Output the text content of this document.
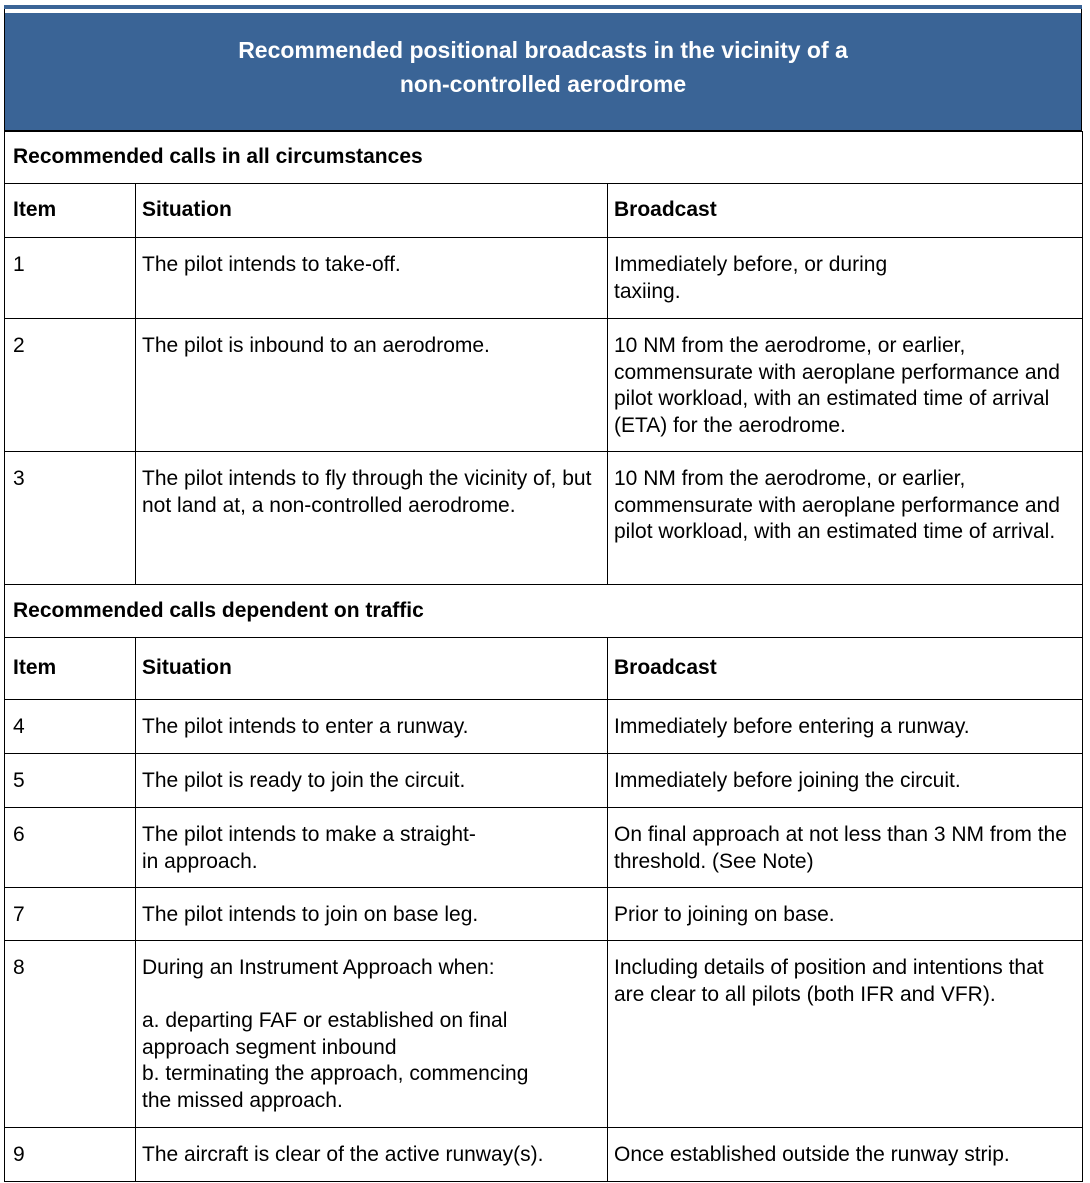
Recommended positional broadcasts in the vicinity of a
non-controlled aerodrome
Recommended calls in all circumstances		
Item	Situation	Broadcast
1	The pilot intends to take-off.	Immediately before, or during taxiing.
2	The pilot is inbound to an aerodrome.	10 NM from the aerodrome, or earlier, commensurate with aeroplane performance and pilot workload, with an estimated time of arrival (ETA) for the aerodrome.
3	The pilot intends to fly through the vicinity of, but not land at, a non-controlled aerodrome.	10 NM from the aerodrome, or earlier, commensurate with aeroplane performance and pilot workload, with an estimated time of arrival.
Recommended calls dependent on traffic		
Item	Situation	Broadcast
4	The pilot intends to enter a runway.	Immediately before entering a runway.
5	The pilot is ready to join the circuit.	Immediately before joining the circuit.
6	The pilot intends to make a straight-in approach.	On final approach at not less than 3 NM from the threshold. (See Note)
7	The pilot intends to join on base leg.	Prior to joining on base.
8	During an Instrument Approach when:
a. departing FAF or established on final approach segment inbound
b. terminating the approach, commencing the missed approach.	Including details of position and intentions that are clear to all pilots (both IFR and VFR).
9	The aircraft is clear of the active runway(s).	Once established outside the runway strip.
